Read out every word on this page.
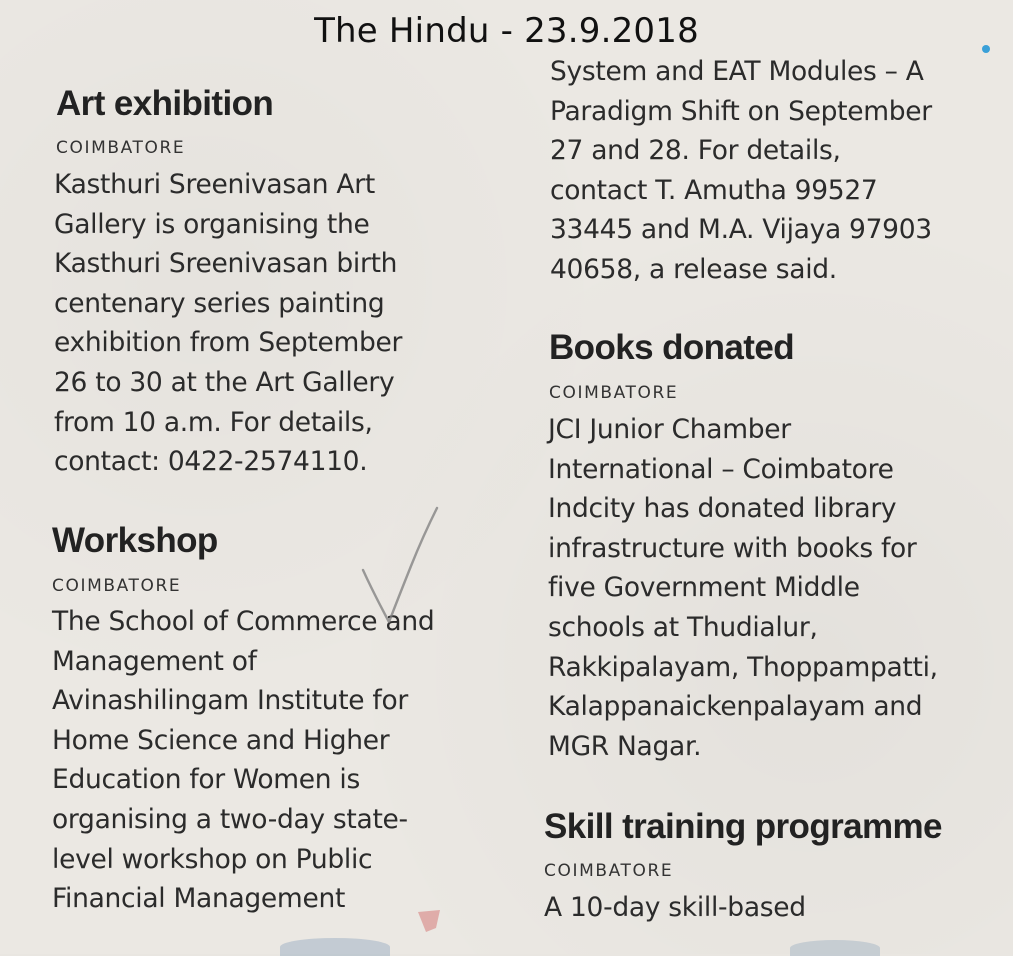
The Hindu - 23.9.2018
Art exhibition
COIMBATORE
Kasthuri Sreenivasan Art
Gallery is organising the
Kasthuri Sreenivasan birth
centenary series painting
exhibition from September
26 to 30 at the Art Gallery
from 10 a.m. For details,
contact: 0422-2574110.
Workshop
COIMBATORE
The School of Commerce and
Management of
Avinashilingam Institute for
Home Science and Higher
Education for Women is
organising a two-day state-
level workshop on Public
Financial Management
System and EAT Modules – A
Paradigm Shift on September
27 and 28. For details,
contact T. Amutha 99527
33445 and M.A. Vijaya 97903
40658, a release said.
Books donated
COIMBATORE
JCI Junior Chamber
International – Coimbatore
Indcity has donated library
infrastructure with books for
five Government Middle
schools at Thudialur,
Rakkipalayam, Thoppampatti,
Kalappanaickenpalayam and
MGR Nagar.
Skill training programme
COIMBATORE
A 10-day skill-based
